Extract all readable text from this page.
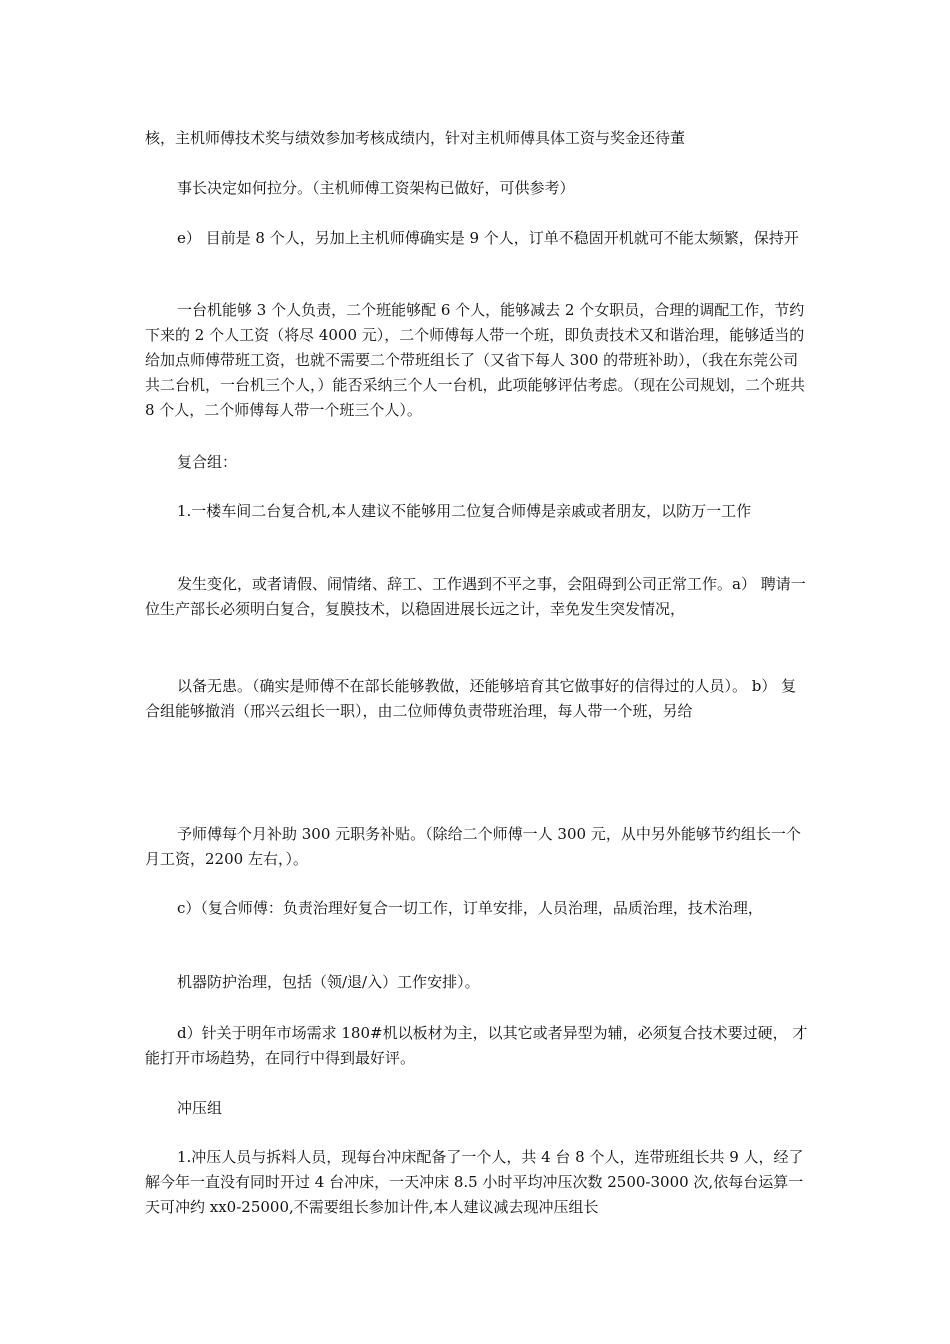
核，主机师傅技术奖与绩效参加考核成绩内，针对主机师傅具体工资与奖金还待董

事长决定如何拉分。（主机师傅工资架构已做好，可供参考）

e） 目前是 8 个人，另加上主机师傅确实是 9 个人，订单不稳固开机就可不能太频繁，保持开

一台机能够 3 个人负责，二个班能够配 6 个人，能够减去 2 个女职员，合理的调配工作，节约下来的 2 个人工资（将尽 4000 元），二个师傅每人带一个班，即负责技术又和谐治理，能够适当的给加点师傅带班工资，也就不需要二个带班组长了（又省下每人 300 的带班补助），（我在东莞公司共二台机，一台机三个人，）能否采纳三个人一台机，此项能够评估考虑。（现在公司规划，二个班共 8 个人，二个师傅每人带一个班三个人）。

复合组：

1.一楼车间二台复合机,本人建议不能够用二位复合师傅是亲戚或者朋友，以防万一工作

发生变化，或者请假、闹情绪、辞工、工作遇到不平之事，会阻碍到公司正常工作。a） 聘请一位生产部长必须明白复合，复膜技术，以稳固进展长远之计，幸免发生突发情况，

以备无患。（确实是师傅不在部长能够教做，还能够培育其它做事好的信得过的人员）。 b） 复合组能够撤消（邢兴云组长一职），由二位师傅负责带班治理，每人带一个班，另给

予师傅每个月补助 300 元职务补贴。（除给二个师傅一人 300 元，从中另外能够节约组长一个月工资，2200 左右，）。

c）（复合师傅：负责治理好复合一切工作，订单安排，人员治理，品质治理，技术治理，

机器防护治理，包括（领/退/入）工作安排）。

d）针关于明年市场需求 180#机以板材为主，以其它或者异型为辅，必须复合技术要过硬， 才能打开市场趋势，在同行中得到最好评。

冲压组

1.冲压人员与拆料人员，现每台冲床配备了一个人，共 4 台 8 个人，连带班组长共 9 人，经了解今年一直没有同时开过 4 台冲床，一天冲床 8.5 小时平均冲压次数 2500-3000 次,依每台运算一天可冲约 xx0-25000,不需要组长参加计件,本人建议减去现冲压组长
